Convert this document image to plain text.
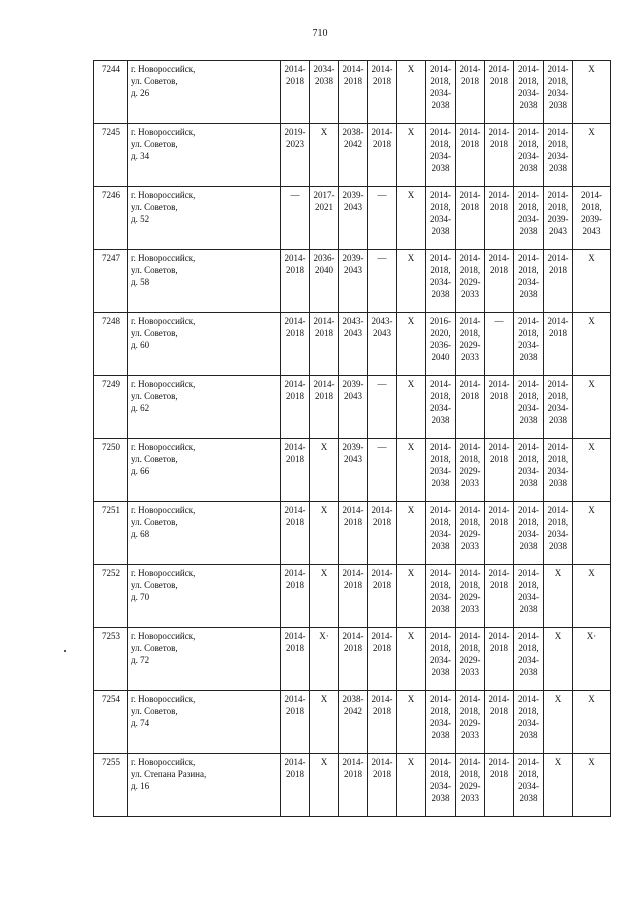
710
7244	г. Новороссийск,
ул. Советов,
д. 26	2014-
2018	2034-
2038	2014-
2018	2014-
2018	X	2014-
2018,
2034-
2038	2014-
2018	2014-
2018	2014-
2018,
2034-
2038	2014-
2018,
2034-
2038	X
7245	г. Новороссийск,
ул. Советов,
д. 34	2019-
2023	X	2038-
2042	2014-
2018	X	2014-
2018,
2034-
2038	2014-
2018	2014-
2018	2014-
2018,
2034-
2038	2014-
2018,
2034-
2038	X
7246	г. Новороссийск,
ул. Советов,
д. 52	—	2017-
2021	2039-
2043	—	X	2014-
2018,
2034-
2038	2014-
2018	2014-
2018	2014-
2018,
2034-
2038	2014-
2018,
2039-
2043	2014-
2018,
2039-
2043
7247	г. Новороссийск,
ул. Советов,
д. 58	2014-
2018	2036-
2040	2039-
2043	—	X	2014-
2018,
2034-
2038	2014-
2018,
2029-
2033	2014-
2018	2014-
2018,
2034-
2038	2014-
2018	X
7248	г. Новороссийск,
ул. Советов,
д. 60	2014-
2018	2014-
2018	2043-
2043	2043-
2043	X	2016-
2020,
2036-
2040	2014-
2018,
2029-
2033	—	2014-
2018,
2034-
2038	2014-
2018	X
7249	г. Новороссийск,
ул. Советов,
д. 62	2014-
2018	2014-
2018	2039-
2043	—	X	2014-
2018,
2034-
2038	2014-
2018	2014-
2018	2014-
2018,
2034-
2038	2014-
2018,
2034-
2038	X
7250	г. Новороссийск,
ул. Советов,
д. 66	2014-
2018	X	2039-
2043	—	X	2014-
2018,
2034-
2038	2014-
2018,
2029-
2033	2014-
2018	2014-
2018,
2034-
2038	2014-
2018,
2034-
2038	X
7251	г. Новороссийск,
ул. Советов,
д. 68	2014-
2018	X	2014-
2018	2014-
2018	X	2014-
2018,
2034-
2038	2014-
2018,
2029-
2033	2014-
2018	2014-
2018,
2034-
2038	2014-
2018,
2034-
2038	X
7252	г. Новороссийск,
ул. Советов,
д. 70	2014-
2018	X	2014-
2018	2014-
2018	X	2014-
2018,
2034-
2038	2014-
2018,
2029-
2033	2014-
2018	2014-
2018,
2034-
2038	X	X
7253	г. Новороссийск,
ул. Советов,
д. 72	2014-
2018	X·	2014-
2018	2014-
2018	X	2014-
2018,
2034-
2038	2014-
2018,
2029-
2033	2014-
2018	2014-
2018,
2034-
2038	X	X·
7254	г. Новороссийск,
ул. Советов,
д. 74	2014-
2018	X	2038-
2042	2014-
2018	X	2014-
2018,
2034-
2038	2014-
2018,
2029-
2033	2014-
2018	2014-
2018,
2034-
2038	X	X
7255	г. Новороссийск,
ул. Степана Разина,
д. 16	2014-
2018	X	2014-
2018	2014-
2018	X	2014-
2018,
2034-
2038	2014-
2018,
2029-
2033	2014-
2018	2014-
2018,
2034-
2038	X	X
